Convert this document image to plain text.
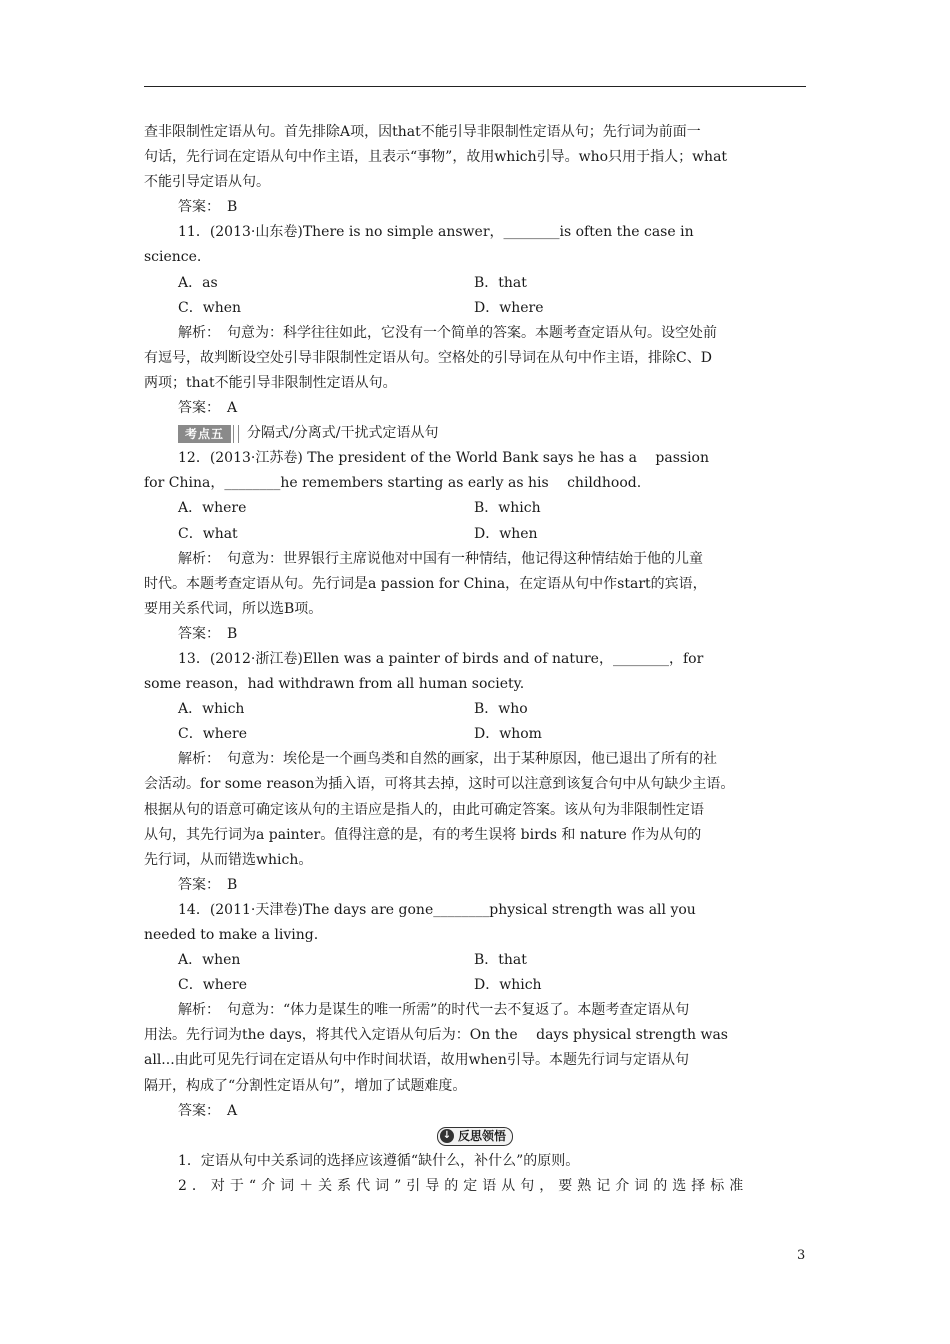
查非限制性定语从句。首先排除A项，因that不能引导非限制性定语从句；先行词为前面一

句话，先行词在定语从句中作主语，且表示“事物”，故用which引导。who只用于指人；what

不能引导定语从句。

答案：　B

11．(2013·山东卷)There is no simple answer，________is often the case in

science.

A．as	B．that
C．when	D．where

解析：　句意为：科学往往如此，它没有一个简单的答案。本题考查定语从句。设空处前

有逗号，故判断设空处引导非限制性定语从句。空格处的引导词在从句中作主语，排除C、D

两项；that不能引导非限制性定语从句。

答案：　A

考点五	分隔式/分离式/干扰式定语从句

12．(2013·江苏卷) The president of the World Bank says he has a　 passion

for China，________he remembers starting as early as his　 childhood.

A．where	B．which
C．what	D．when

解析：　句意为：世界银行主席说他对中国有一种情结，他记得这种情结始于他的儿童

时代。本题考查定语从句。先行词是a passion for China，在定语从句中作start的宾语，

要用关系代词，所以选B项。

答案：　B

13．(2012·浙江卷)Ellen was a painter of birds and of nature，________，for

some reason，had withdrawn from all human society.

A．which	B．who
C．where	D．whom

解析：　句意为：埃伦是一个画鸟类和自然的画家，出于某种原因，他已退出了所有的社

会活动。for some reason为插入语，可将其去掉，这时可以注意到该复合句中从句缺少主语。

根据从句的语意可确定该从句的主语应是指人的，由此可确定答案。该从句为非限制性定语

从句，其先行词为a painter。值得注意的是，有的考生误将 birds 和 nature 作为从句的

先行词，从而错选which。

答案：　B

14．(2011·天津卷)The days are gone________physical strength was all you

needed to make a living.

A．when	B．that
C．where	D．which

解析：　句意为：“体力是谋生的唯一所需”的时代一去不复返了。本题考查定语从句

用法。先行词为the days，将其代入定语从句后为：On the　 days physical strength was

all...由此可见先行词在定语从句中作时间状语，故用when引导。本题先行词与定语从句

隔开，构成了“分割性定语从句”，增加了试题难度。

答案：　A

↓ 反思领悟

1．定语从句中关系词的选择应该遵循“缺什么，补什么”的原则。

2．对于“介词＋关系代词”引导的定语从句，要熟记介词的选择标准

3
